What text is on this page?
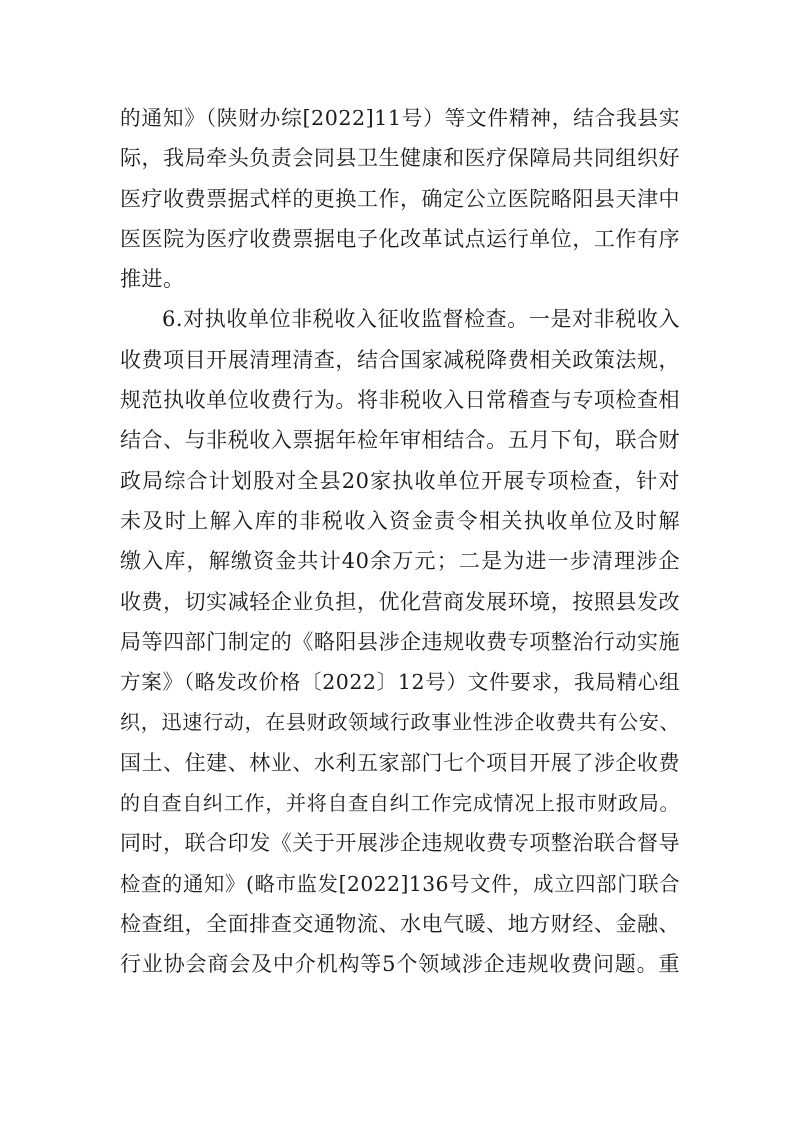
的通知》（陕财办综[2022]11号）等文件精神，结合我县实
际，我局牵头负责会同县卫生健康和医疗保障局共同组织好
医疗收费票据式样的更换工作，确定公立医院略阳县天津中
医医院为医疗收费票据电子化改革试点运行单位，工作有序
推进。
6.对执收单位非税收入征收监督检查。一是对非税收入
收费项目开展清理清查，结合国家减税降费相关政策法规，
规范执收单位收费行为。将非税收入日常稽查与专项检查相
结合、与非税收入票据年检年审相结合。五月下旬，联合财
政局综合计划股对全县20家执收单位开展专项检查，针对
未及时上解入库的非税收入资金责令相关执收单位及时解
缴入库，解缴资金共计40余万元；二是为进一步清理涉企
收费，切实减轻企业负担，优化营商发展环境，按照县发改
局等四部门制定的《略阳县涉企违规收费专项整治行动实施
方案》（略发改价格〔2022〕12号）文件要求，我局精心组
织，迅速行动，在县财政领域行政事业性涉企收费共有公安、
国土、住建、林业、水利五家部门七个项目开展了涉企收费
的自查自纠工作，并将自查自纠工作完成情况上报市财政局。
同时，联合印发《关于开展涉企违规收费专项整治联合督导
检查的通知》(略市监发[2022]136号文件，成立四部门联合
检查组，全面排查交通物流、水电气暖、地方财经、金融、
行业协会商会及中介机构等5个领域涉企违规收费问题。重
